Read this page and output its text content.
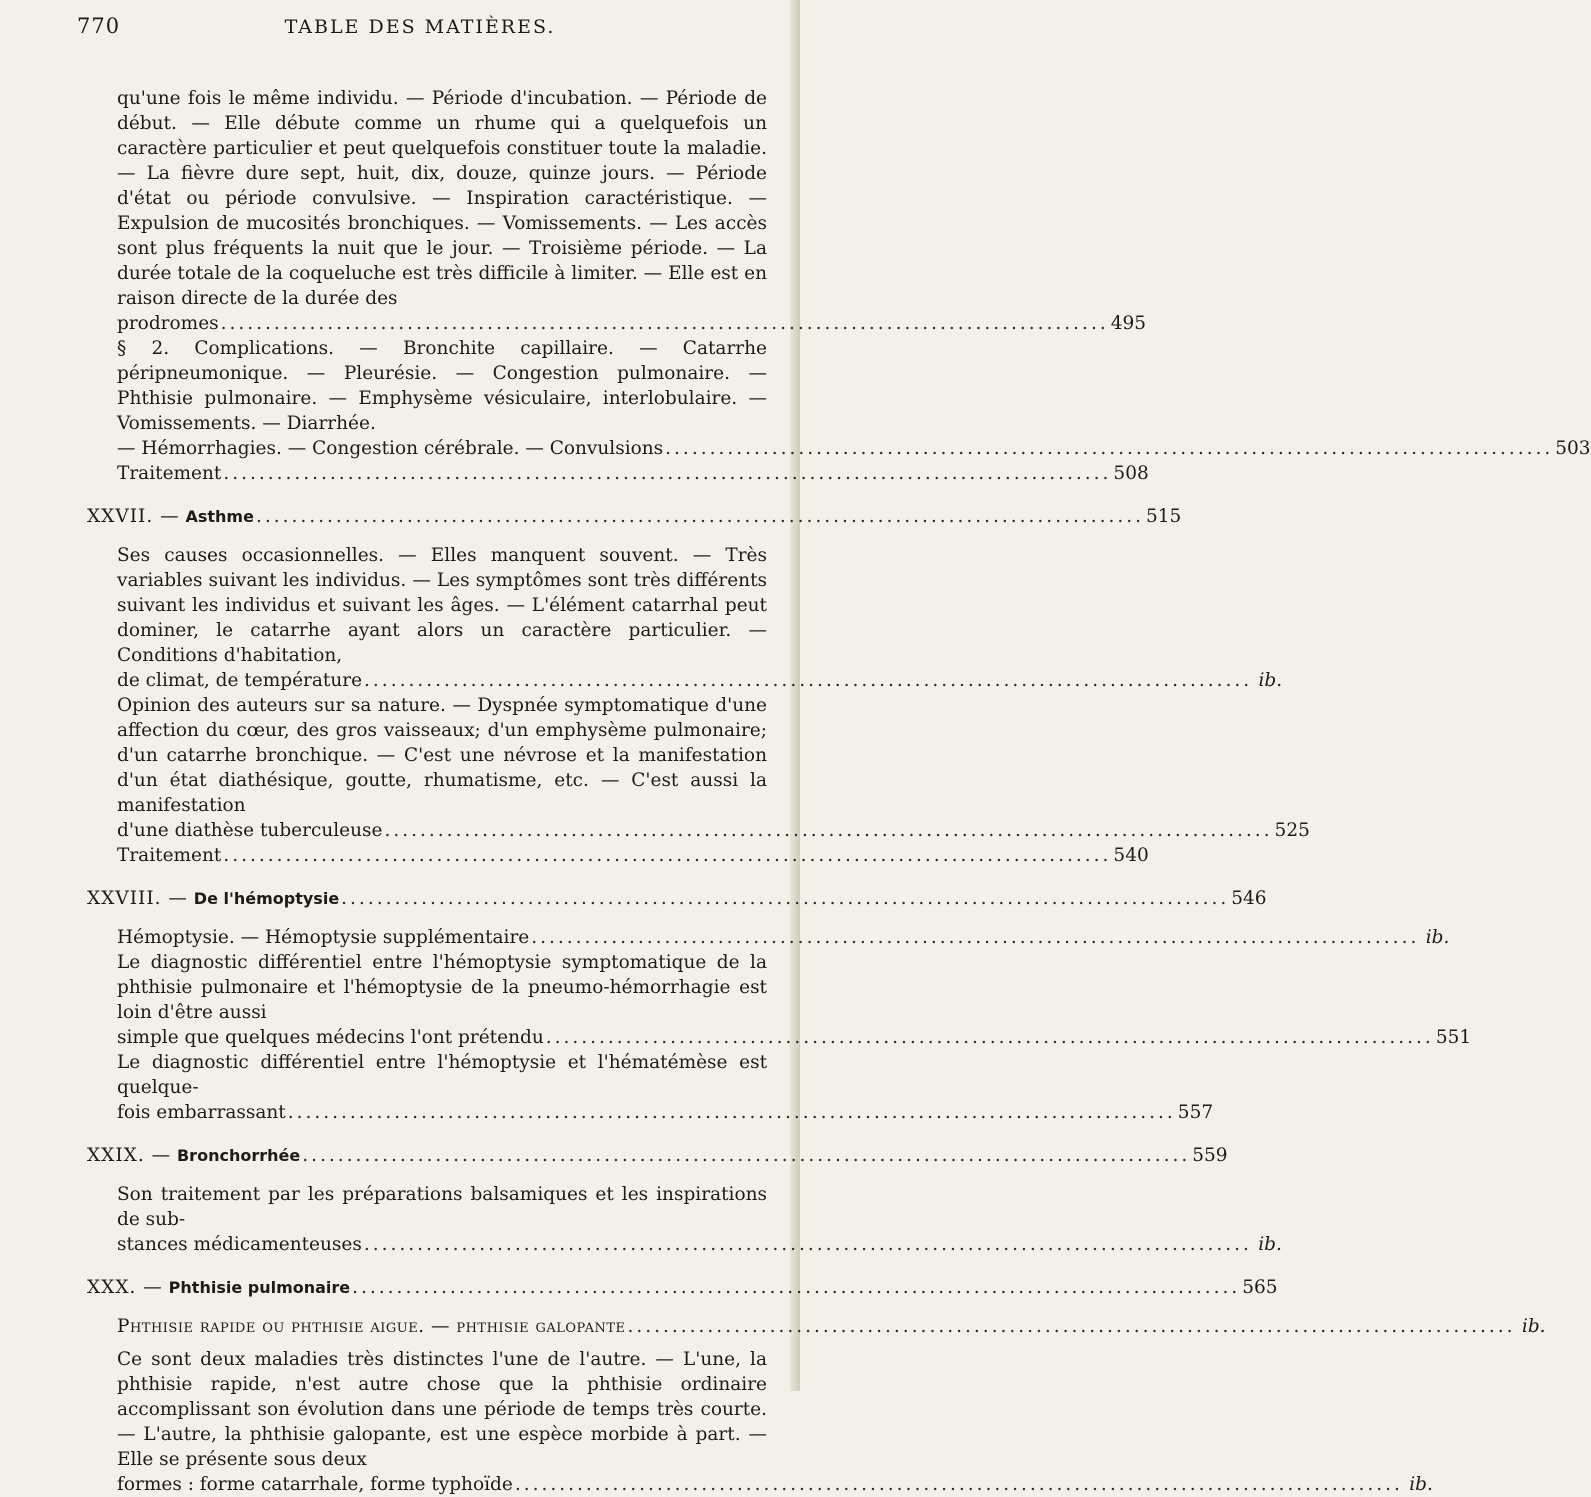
770	TABLE DES MATIÈRES.

qu'une fois le même individu. — Période d'incubation. — Période de début. — Elle débute comme un rhume qui a quelquefois un caractère particulier et peut quelquefois constituer toute la maladie. — La fièvre dure sept, huit, dix, douze, quinze jours. — Période d'état ou période convulsive. — Inspiration caractéristique. — Expulsion de mucosités bronchiques. — Vomissements. — Les accès sont plus fréquents la nuit que le jour. — Troisième période. — La durée totale de la coqueluche est très difficile à limiter. — Elle est en raison directe de la durée des

prodromes .................................................................................................... 495

§ 2. Complications. — Bronchite capillaire. — Catarrhe péripneumonique. — Pleurésie. — Congestion pulmonaire. — Phthisie pulmonaire. — Emphysème vésiculaire, interlobulaire. — Vomissements. — Diarrhée.

— Hémorrhagies. — Congestion cérébrale. — Convulsions .................................................................................................... 503
Traitement .................................................................................................... 508
XXVII. — Asthme .................................................................................................... 515

Ses causes occasionnelles. — Elles manquent souvent. — Très variables suivant les individus. — Les symptômes sont très différents suivant les individus et suivant les âges. — L'élément catarrhal peut dominer, le catarrhe ayant alors un caractère particulier. — Conditions d'habitation,

de climat, de température .................................................................................................... ib.

Opinion des auteurs sur sa nature. — Dyspnée symptomatique d'une affection du cœur, des gros vaisseaux; d'un emphysème pulmonaire; d'un catarrhe bronchique. — C'est une névrose et la manifestation d'un état diathésique, goutte, rhumatisme, etc. — C'est aussi la manifestation

d'une diathèse tuberculeuse .................................................................................................... 525
Traitement .................................................................................................... 540
XXVIII. — De l'hémoptysie .................................................................................................... 546
Hémoptysie. — Hémoptysie supplémentaire .................................................................................................... ib.

Le diagnostic différentiel entre l'hémoptysie symptomatique de la phthisie pulmonaire et l'hémoptysie de la pneumo-hémorrhagie est loin d'être aussi

simple que quelques médecins l'ont prétendu .................................................................................................... 551

Le diagnostic différentiel entre l'hémoptysie et l'hématémèse est quelque-

fois embarrassant .................................................................................................... 557
XXIX. — Bronchorrhée .................................................................................................... 559

Son traitement par les préparations balsamiques et les inspirations de sub-

stances médicamenteuses .................................................................................................... ib.
XXX. — Phthisie pulmonaire .................................................................................................... 565
Phthisie rapide ou phthisie aigue. — phthisie galopante .................................................................................................... ib.

Ce sont deux maladies très distinctes l'une de l'autre. — L'une, la phthisie rapide, n'est autre chose que la phthisie ordinaire accomplissant son évolution dans une période de temps très courte. — L'autre, la phthisie galopante, est une espèce morbide à part. — Elle se présente sous deux

formes : forme catarrhale, forme typhoïde .................................................................................................... ib.
